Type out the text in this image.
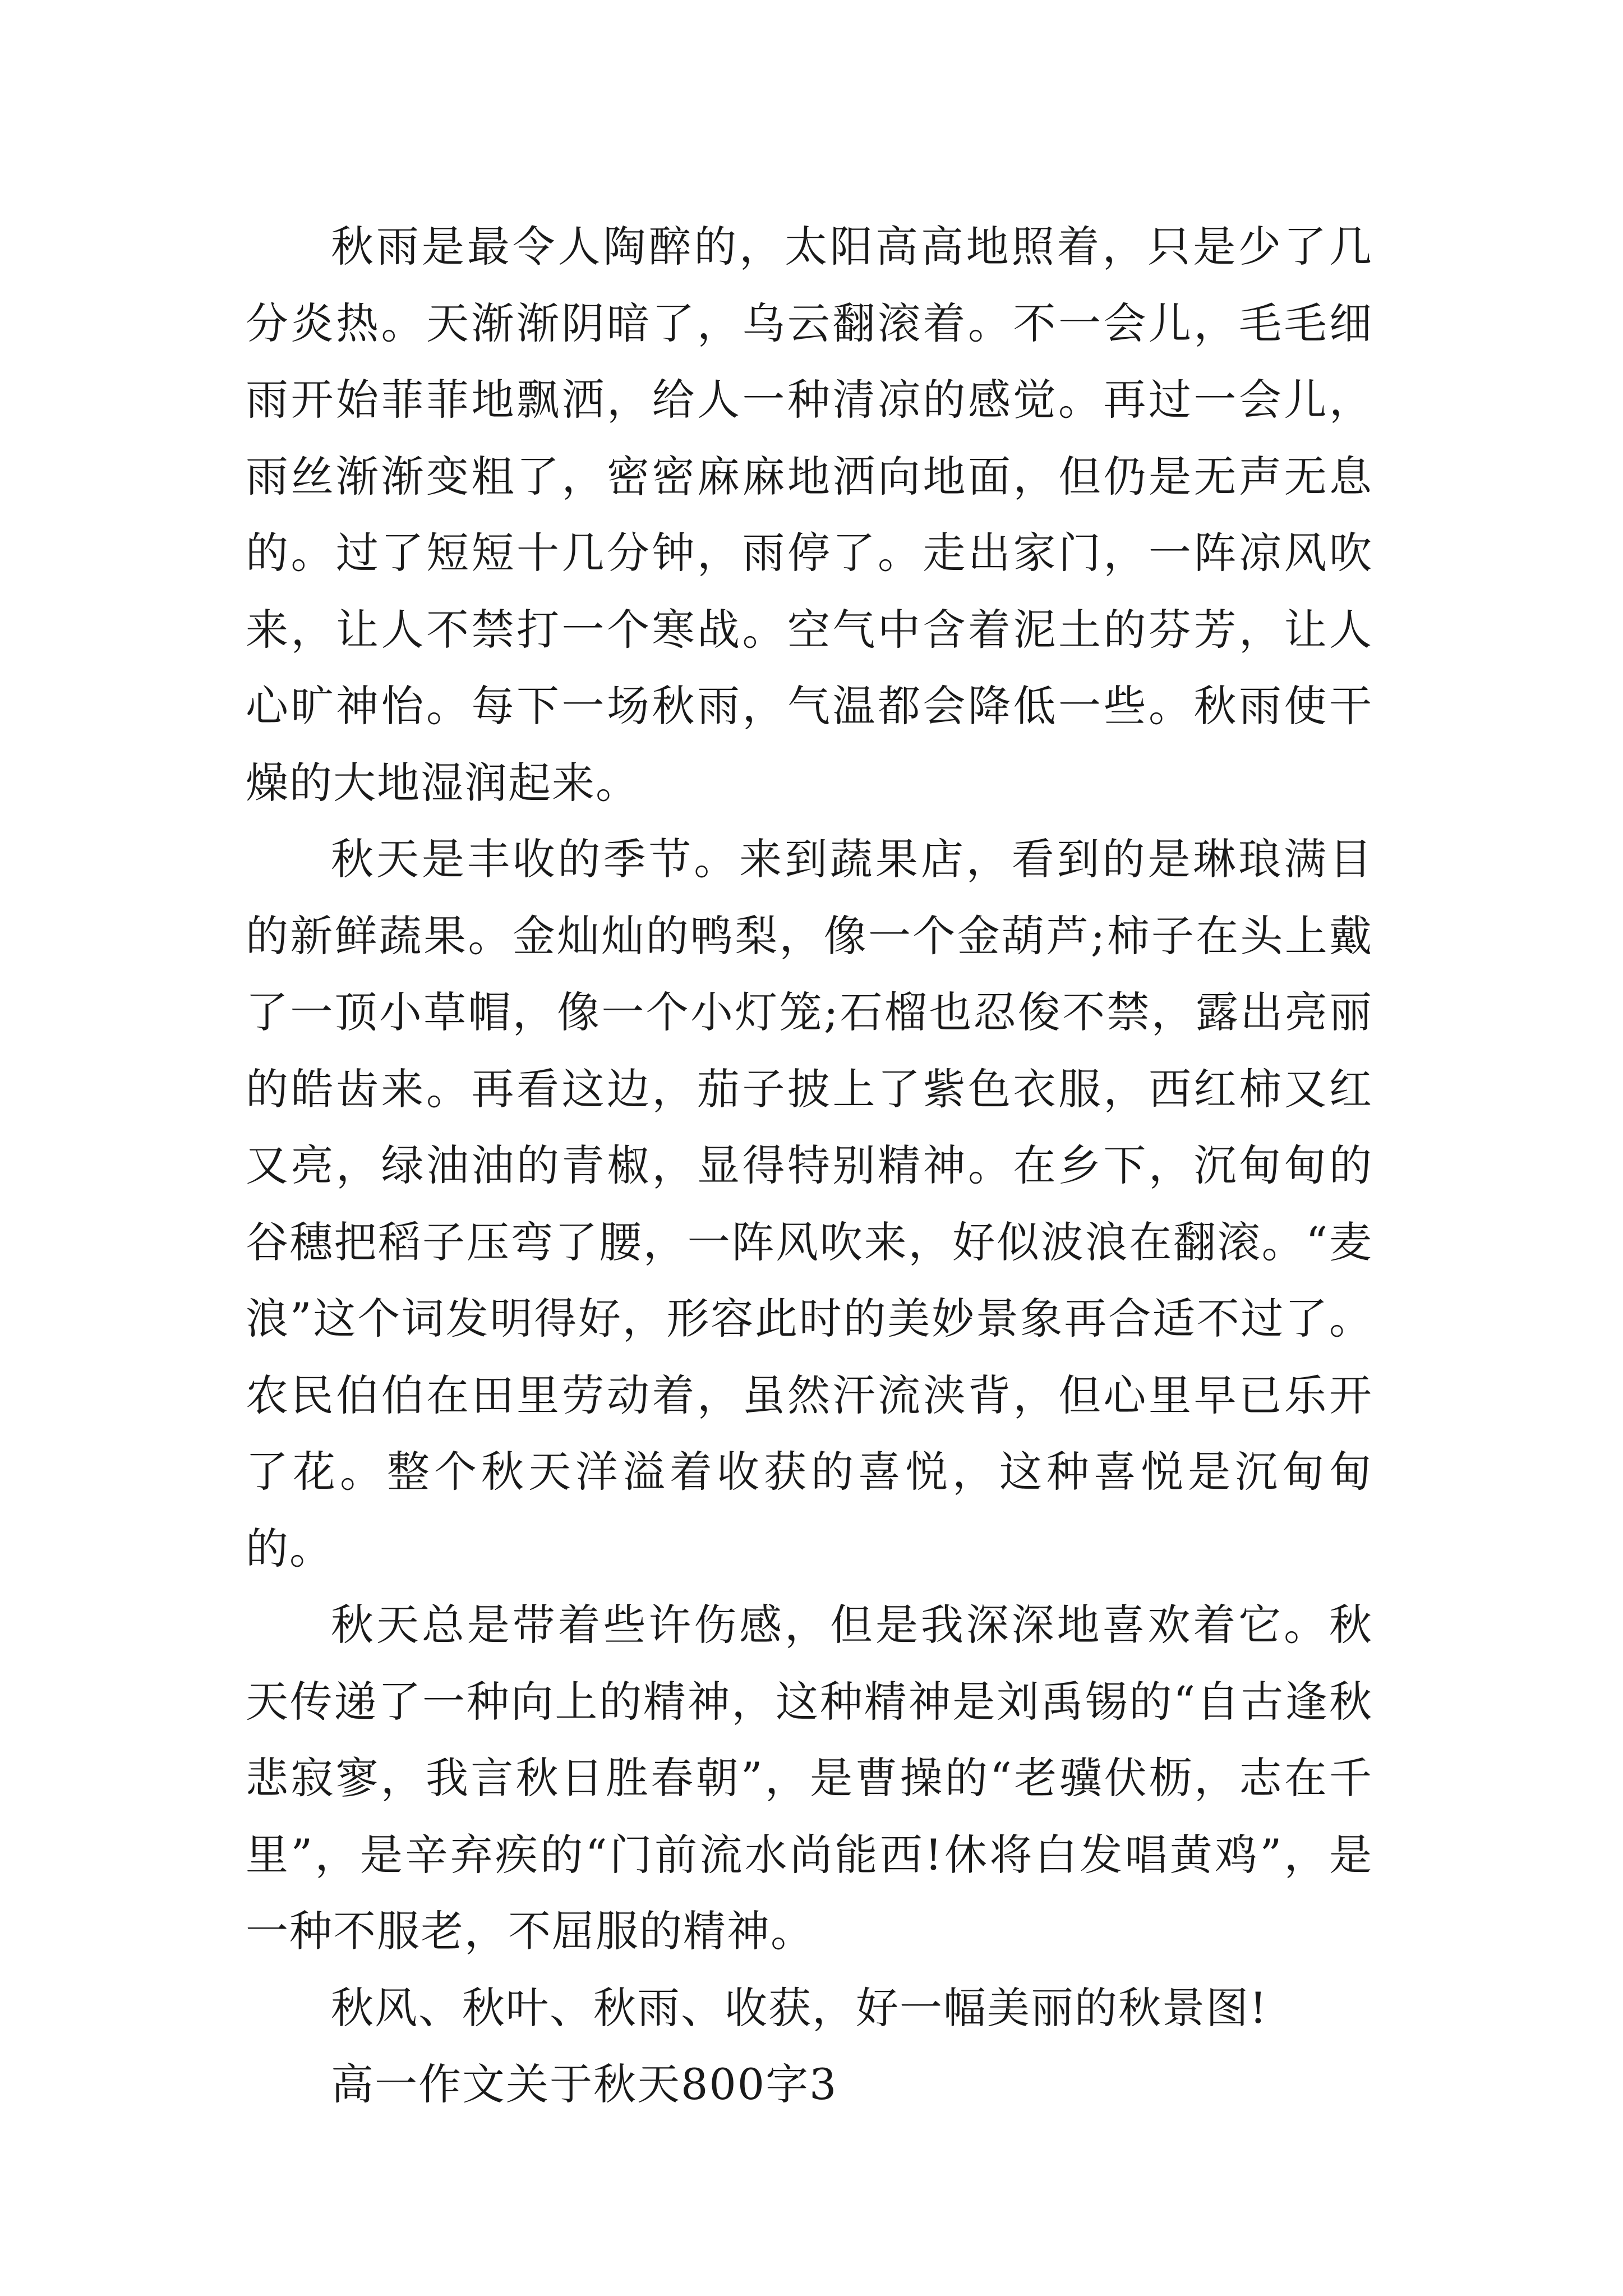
秋雨是最令人陶醉的，太阳高高地照着，只是少了几分炎热。天渐渐阴暗了，乌云翻滚着。不一会儿，毛毛细雨开始菲菲地飘洒，给人一种清凉的感觉。再过一会儿，雨丝渐渐变粗了，密密麻麻地洒向地面，但仍是无声无息的。过了短短十几分钟，雨停了。走出家门，一阵凉风吹来，让人不禁打一个寒战。空气中含着泥土的芬芳，让人心旷神怡。每下一场秋雨，气温都会降低一些。秋雨使干燥的大地湿润起来。

秋天是丰收的季节。来到蔬果店，看到的是琳琅满目的新鲜蔬果。金灿灿的鸭梨，像一个金葫芦;柿子在头上戴了一顶小草帽，像一个小灯笼;石榴也忍俊不禁，露出亮丽的皓齿来。再看这边，茄子披上了紫色衣服，西红柿又红又亮，绿油油的青椒，显得特别精神。在乡下，沉甸甸的谷穗把稻子压弯了腰，一阵风吹来，好似波浪在翻滚。“麦浪”这个词发明得好，形容此时的美妙景象再合适不过了。农民伯伯在田里劳动着，虽然汗流浃背，但心里早已乐开了花。整个秋天洋溢着收获的喜悦，这种喜悦是沉甸甸的。

秋天总是带着些许伤感，但是我深深地喜欢着它。秋天传递了一种向上的精神，这种精神是刘禹锡的“自古逢秋悲寂寥，我言秋日胜春朝”，是曹操的“老骥伏枥，志在千里”，是辛弃疾的“门前流水尚能西!休将白发唱黄鸡”，是一种不服老，不屈服的精神。

秋风、秋叶、秋雨、收获，好一幅美丽的秋景图!

高一作文关于秋天800字3
